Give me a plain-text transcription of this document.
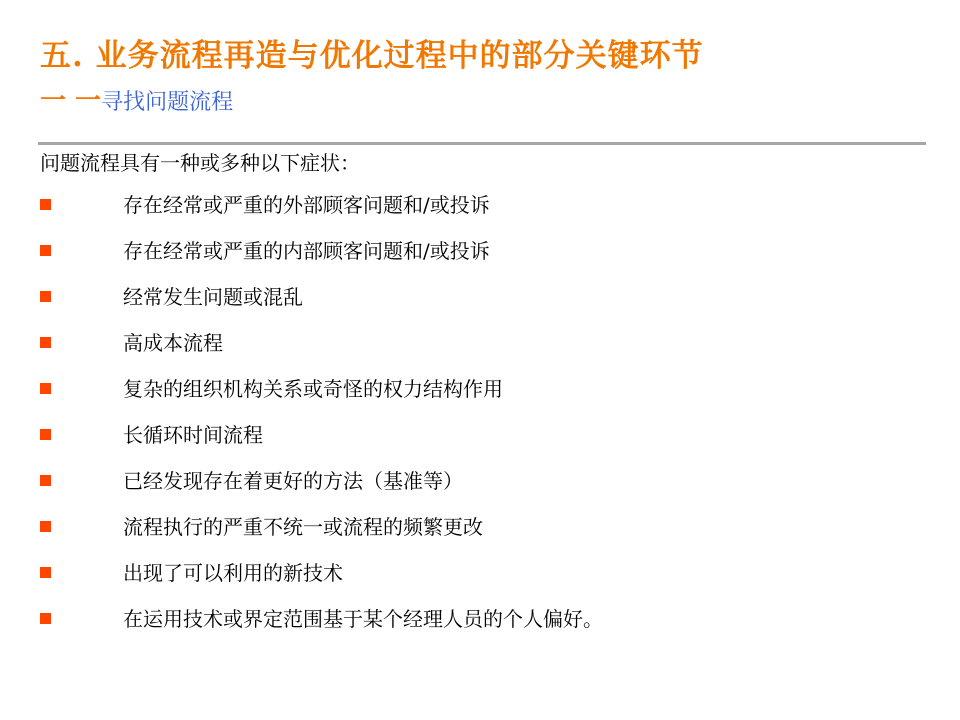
五. 业务流程再造与优化过程中的部分关键环节
一 一寻找问题流程
问题流程具有一种或多种以下症状：
存在经常或严重的外部顾客问题和/或投诉
存在经常或严重的内部顾客问题和/或投诉
经常发生问题或混乱
高成本流程
复杂的组织机构关系或奇怪的权力结构作用
长循环时间流程
已经发现存在着更好的方法（基准等）
流程执行的严重不统一或流程的频繁更改
出现了可以利用的新技术
在运用技术或界定范围基于某个经理人员的个人偏好。
